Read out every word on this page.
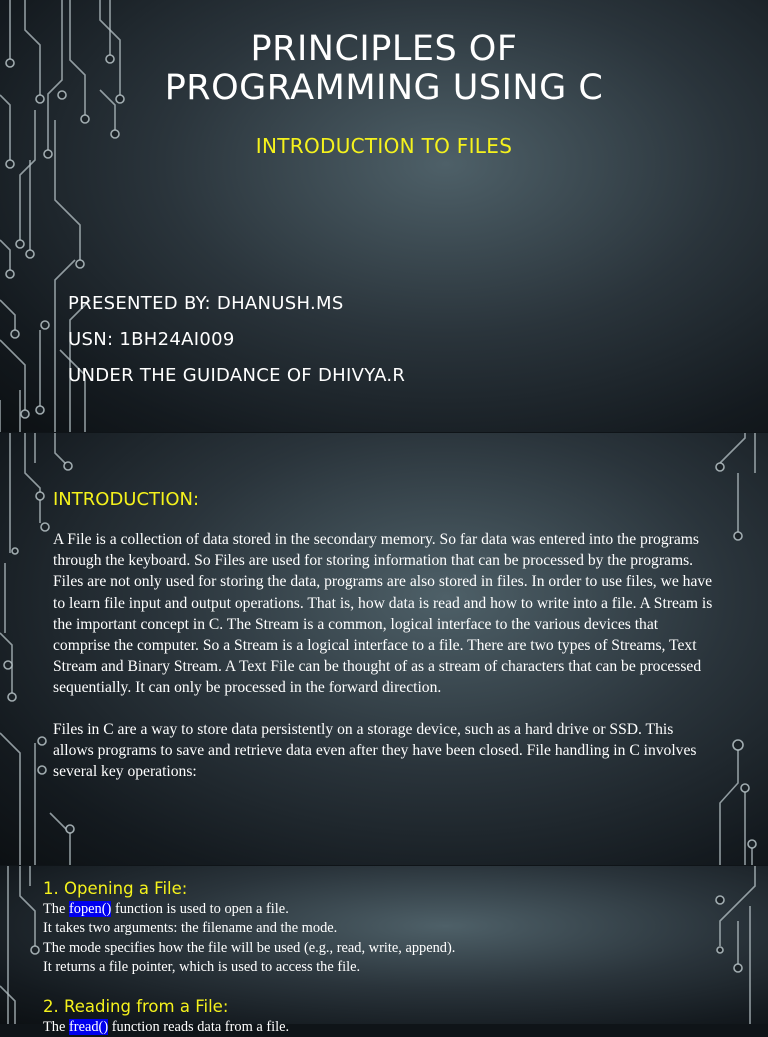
PRINCIPLES OF
PROGRAMMING USING C
INTRODUCTION TO FILES
PRESENTED BY: DHANUSH.MS
USN: 1BH24AI009
UNDER THE GUIDANCE OF DHIVYA.R
INTRODUCTION:

A File is a collection of data stored in the secondary memory. So far data was entered into the programs through the keyboard. So Files are used for storing information that can be processed by the programs. Files are not only used for storing the data, programs are also stored in files. In order to use files, we have to learn file input and output operations. That is, how data is read and how to write into a file. A Stream is the important concept in C. The Stream is a common, logical interface to the various devices that comprise the computer. So a Stream is a logical interface to a file. There are two types of Streams, Text Stream and Binary Stream. A Text File can be thought of as a stream of characters that can be processed sequentially. It can only be processed in the forward direction.

Files in C are a way to store data persistently on a storage device, such as a hard drive or SSD. This allows programs to save and retrieve data even after they have been closed. File handling in C involves several key operations:

1. Opening a File:
The fopen() function is used to open a file.
It takes two arguments: the filename and the mode.
The mode specifies how the file will be used (e.g., read, write, append).
It returns a file pointer, which is used to access the file.
2. Reading from a File:
The fread() function reads data from a file.
